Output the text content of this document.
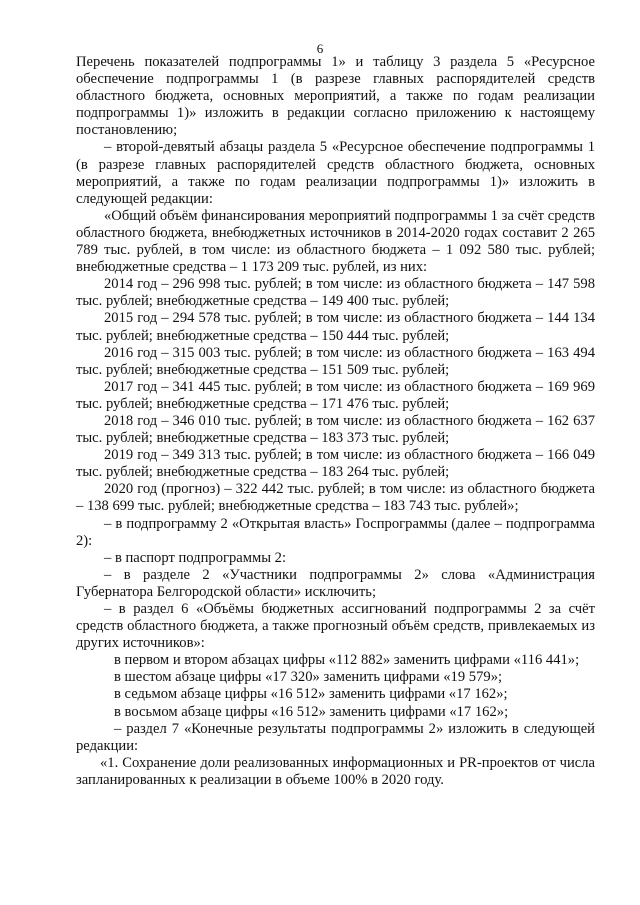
6

Перечень показателей подпрограммы 1» и таблицу 3 раздела 5 «Ресурсное обеспечение подпрограммы 1 (в разрезе главных распорядителей средств областного бюджета, основных мероприятий, а также по годам реализации подпрограммы 1)» изложить в редакции согласно приложению к настоящему постановлению;

– второй-девятый абзацы раздела 5 «Ресурсное обеспечение подпрограммы 1 (в разрезе главных распорядителей средств областного бюджета, основных мероприятий, а также по годам реализации подпрограммы 1)» изложить в следующей редакции:

«Общий объём финансирования мероприятий подпрограммы 1 за счёт средств областного бюджета, внебюджетных источников в 2014-2020 годах составит 2 265 789 тыс. рублей, в том числе: из областного бюджета – 1 092 580 тыс. рублей; внебюджетные средства – 1 173 209 тыс. рублей, из них:

2014 год – 296 998 тыс. рублей; в том числе: из областного бюджета – 147 598 тыс. рублей; внебюджетные средства – 149 400 тыс. рублей;

2015 год – 294 578 тыс. рублей; в том числе: из областного бюджета – 144 134 тыс. рублей; внебюджетные средства – 150 444 тыс. рублей;

2016 год – 315 003 тыс. рублей; в том числе: из областного бюджета – 163 494 тыс. рублей; внебюджетные средства – 151 509 тыс. рублей;

2017 год – 341 445 тыс. рублей; в том числе: из областного бюджета – 169 969 тыс. рублей; внебюджетные средства – 171 476 тыс. рублей;

2018 год – 346 010 тыс. рублей; в том числе: из областного бюджета – 162 637 тыс. рублей; внебюджетные средства – 183 373 тыс. рублей;

2019 год – 349 313 тыс. рублей; в том числе: из областного бюджета – 166 049 тыс. рублей; внебюджетные средства – 183 264 тыс. рублей;

2020 год (прогноз) – 322 442 тыс. рублей; в том числе: из областного бюджета – 138 699 тыс. рублей; внебюджетные средства – 183 743 тыс. рублей»;

– в подпрограмму 2 «Открытая власть» Госпрограммы (далее – подпрограмма 2):

– в паспорт подпрограммы 2:

– в разделе 2 «Участники подпрограммы 2» слова «Администрация Губернатора Белгородской области» исключить;

– в раздел 6 «Объёмы бюджетных ассигнований подпрограммы 2 за счёт средств областного бюджета, а также прогнозный объём средств, привлекаемых из других источников»:

в первом и втором абзацах цифры «112 882» заменить цифрами «116 441»;

в шестом абзаце цифры «17 320» заменить цифрами «19 579»;

в седьмом абзаце цифры «16 512» заменить цифрами «17 162»;

в восьмом абзаце цифры «16 512» заменить цифрами «17 162»;

– раздел 7 «Конечные результаты подпрограммы 2» изложить в следующей редакции:

«1. Сохранение доли реализованных информационных и PR-проектов от числа запланированных к реализации в объеме 100% в 2020 году.
